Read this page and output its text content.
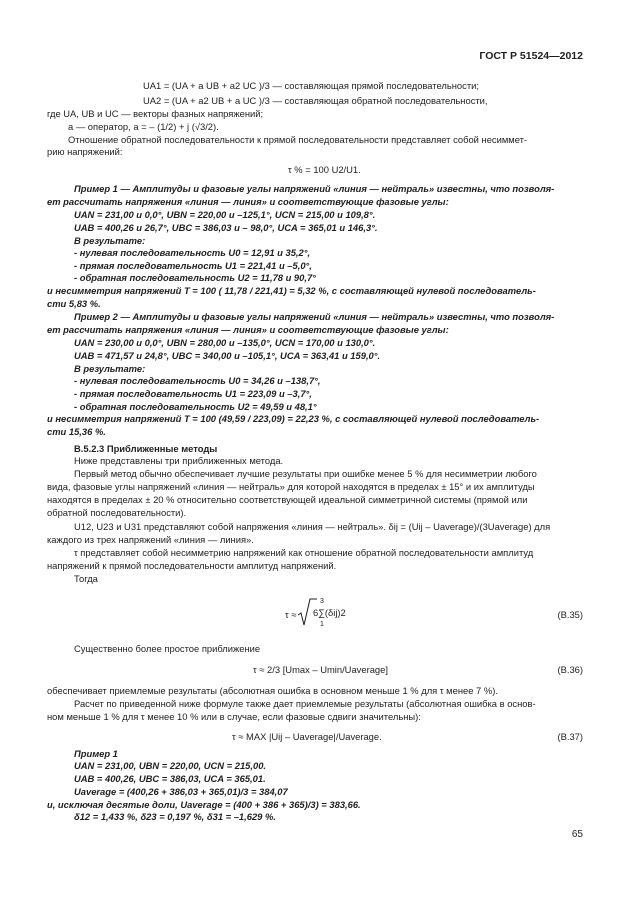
ГОСТ Р 51524—2012
UA1 = (UA + a UB + a2 UC )/3 — составляющая прямой последовательности;
UA2 = (UA + a2 UB + a UC )/3 — составляющая обратной последовательности,
где UA, UB и UC — векторы фазных напряжений;
a — оператор, a = – (1/2) + j (√3/2).
Отношение обратной последовательности к прямой последовательности представляет собой несиммет-
рию напряжений:
τ % = 100 U2/U1.
Пример 1 — Амплитуды и фазовые углы напряжений «линия — нейтраль» известны, что позволя-
ет рассчитать напряжения «линия — линия» и соответствующие фазовые углы:
UAN = 231,00 и 0,0°, UBN = 220,00 и –125,1°, UCN = 215,00 и 109,8°.
UAB = 400,26 и 26,7°, UBC = 386,03 и – 98,0°, UCA = 365,01 и 146,3°.
В результате:
- нулевая последовательность U0 = 12,91 и 35,2°,
- прямая последовательность U1 = 221,41 и –5,0°,
- обратная последовательность U2 = 11,78 и 90,7°
и несимметрия напряжений T = 100 ( 11,78 / 221,41) = 5,32 %, с составляющей нулевой последователь-
сти 5,83 %.
Пример 2 — Амплитуды и фазовые углы напряжений «линия — нейтраль» известны, что позволя-
ет рассчитать напряжения «линия — линия» и соответствующие фазовые углы:
UAN = 230,00 и 0,0°, UBN = 280,00 и –135,0°, UCN = 170,00 и 130,0°.
UAB = 471,57 и 24,8°, UBC = 340,00 и –105,1°, UCA = 363,41 и 159,0°.
В результате:
- нулевая последовательность U0 = 34,26 и –138,7°,
- прямая последовательность U1 = 223,09 и –3,7°,
- обратная последовательность U2 = 49,59 и 48,1°
и несимметрия напряжений T = 100 (49,59 / 223,09) = 22,23 %, с составляющей нулевой последователь-
сти 15,36 %.
В.5.2.3 Приближенные методы
Ниже представлены три приближенных метода.
Первый метод обычно обеспечивает лучшие результаты при ошибке менее 5 % для несимметрии любого
вида, фазовые углы напряжений «линия — нейтраль» для которой находятся в пределах ± 15° и их амплитуды
находятся в пределах ± 20 % относительно соответствующей идеальной симметричной системы (прямой или
обратной последовательности).
U12, U23 и U31 представляют собой напряжения «линия — нейтраль». δij = (Uij – Uaverage)/(3Uaverage) для
каждого из трех напряжений «линия — линия».
τ представляет собой несимметрию напряжений как отношение обратной последовательности амплитуд
напряжений к прямой последовательности амплитуд напряжений.
Тогда
τ ≈
3
6∑(δij)2
1
(В.35)
Существенно более простое приближение
τ ≈ 2/3 [Umax – Umin/Uaverage]	(В.36)
обеспечивает приемлемые результаты (абсолютная ошибка в основном меньше 1 % для τ менее 7 %).
Расчет по приведенной ниже формуле также дает приемлемые результаты (абсолютная ошибка в основ-
ном меньше 1 % для τ менее 10 % или в случае, если фазовые сдвиги значительны):
τ ≈ MAX |Uij – Uaverage|/Uaverage.	(В.37)
Пример 1
UAN = 231,00, UBN = 220,00, UCN = 215,00.
UAB = 400,26, UBC = 386,03, UCA = 365,01.
Uaverage = (400,26 + 386,03 + 365,01)/3 = 384,07
и, исключая десятые доли, Uaverage = (400 + 386 + 365)/3) = 383,66.
δ12 = 1,433 %, δ23 = 0,197 %, δ31 = –1,629 %.
65
